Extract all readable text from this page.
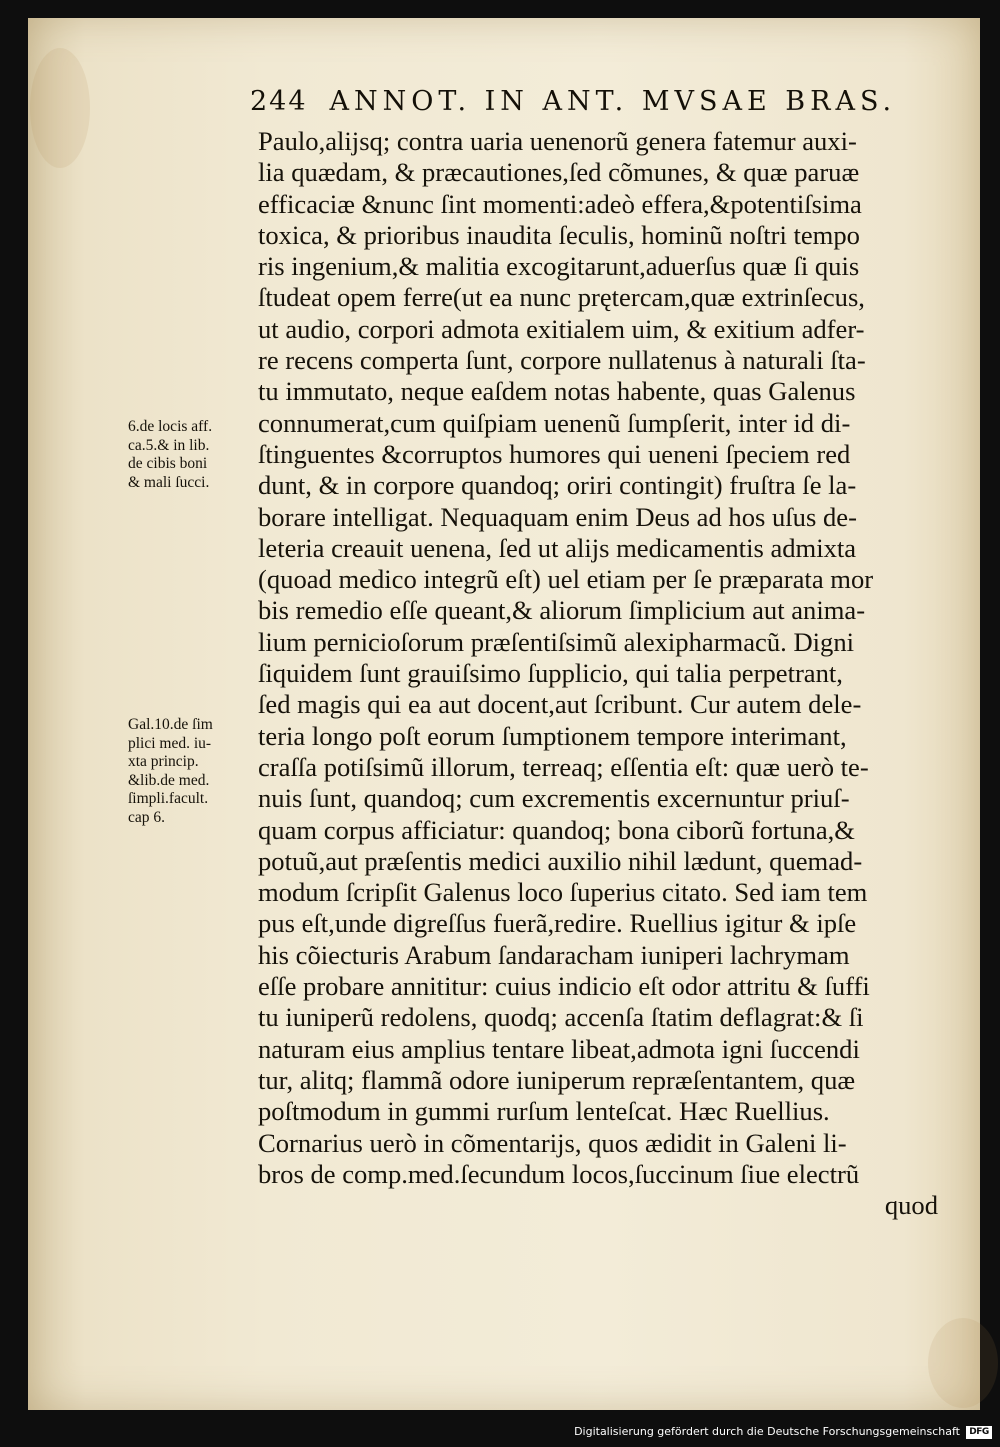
244 ANNOT. IN ANT. MVSAE BRAS.
6.de locis aff.
ca.5.& in lib.
de cibis boni
& mali ſucci.
Gal.10.de ſim
plici med. iu-
xta princip.
&lib.de med.
ſimpli.facult.
cap 6.
Paulo,alijsq; contra uaria uenenorũ genera fatemur auxi-
lia quædam, & præcautiones,ſed cõmunes, & quæ paruæ
efficaciæ &nunc ſint momenti:adeò effera,&potentiſsima
toxica, & prioribus inaudita ſeculis, hominũ noſtri tempo
ris ingenium,& malitia excogitarunt,aduerſus quæ ſi quis
ſtudeat opem ferre(ut ea nunc prętercam,quæ extrinſecus,
ut audio, corpori admota exitialem uim, & exitium adfer-
re recens comperta ſunt, corpore nullatenus à naturali ſta-
tu immutato, neque eaſdem notas habente, quas Galenus
connumerat,cum quiſpiam uenenũ ſumpſerit, inter id di-
ſtinguentes &corruptos humores qui ueneni ſpeciem red
dunt, & in corpore quandoq; oriri contingit) fruſtra ſe la-
borare intelligat. Nequaquam enim Deus ad hos uſus de-
leteria creauit uenena, ſed ut alijs medicamentis admixta
(quoad medico integrũ eſt) uel etiam per ſe præparata mor
bis remedio eſſe queant,& aliorum ſimplicium aut anima-
lium pernicioſorum præſentiſsimũ alexipharmacũ. Digni
ſiquidem ſunt grauiſsimo ſupplicio, qui talia perpetrant,
ſed magis qui ea aut docent,aut ſcribunt. Cur autem dele-
teria longo poſt eorum ſumptionem tempore interimant,
craſſa potiſsimũ illorum, terreaq; eſſentia eſt: quæ uerò te-
nuis ſunt, quandoq; cum excrementis excernuntur priuſ-
quam corpus afficiatur: quandoq; bona ciborũ fortuna,&
potuũ,aut præſentis medici auxilio nihil lædunt, quemad-
modum ſcripſit Galenus loco ſuperius citato. Sed iam tem
pus eſt,unde digreſſus fuerã,redire. Ruellius igitur & ipſe
his cõiecturis Arabum ſandaracham iuniperi lachrymam
eſſe probare annititur: cuius indicio eſt odor attritu & ſuffi
tu iuniperũ redolens, quodq; accenſa ſtatim deflagrat:& ſi
naturam eius amplius tentare libeat,admota igni ſuccendi
tur, alitq; flammã odore iuniperum repræſentantem, quæ
poſtmodum in gummi rurſum lenteſcat. Hæc Ruellius.
Cornarius uerò in cõmentarijs, quos ædidit in Galeni li-
bros de comp.med.ſecundum locos,ſuccinum ſiue electrũ
quod
Digitalisierung gefördert durch die Deutsche Forschungsgemeinschaft	DFG
